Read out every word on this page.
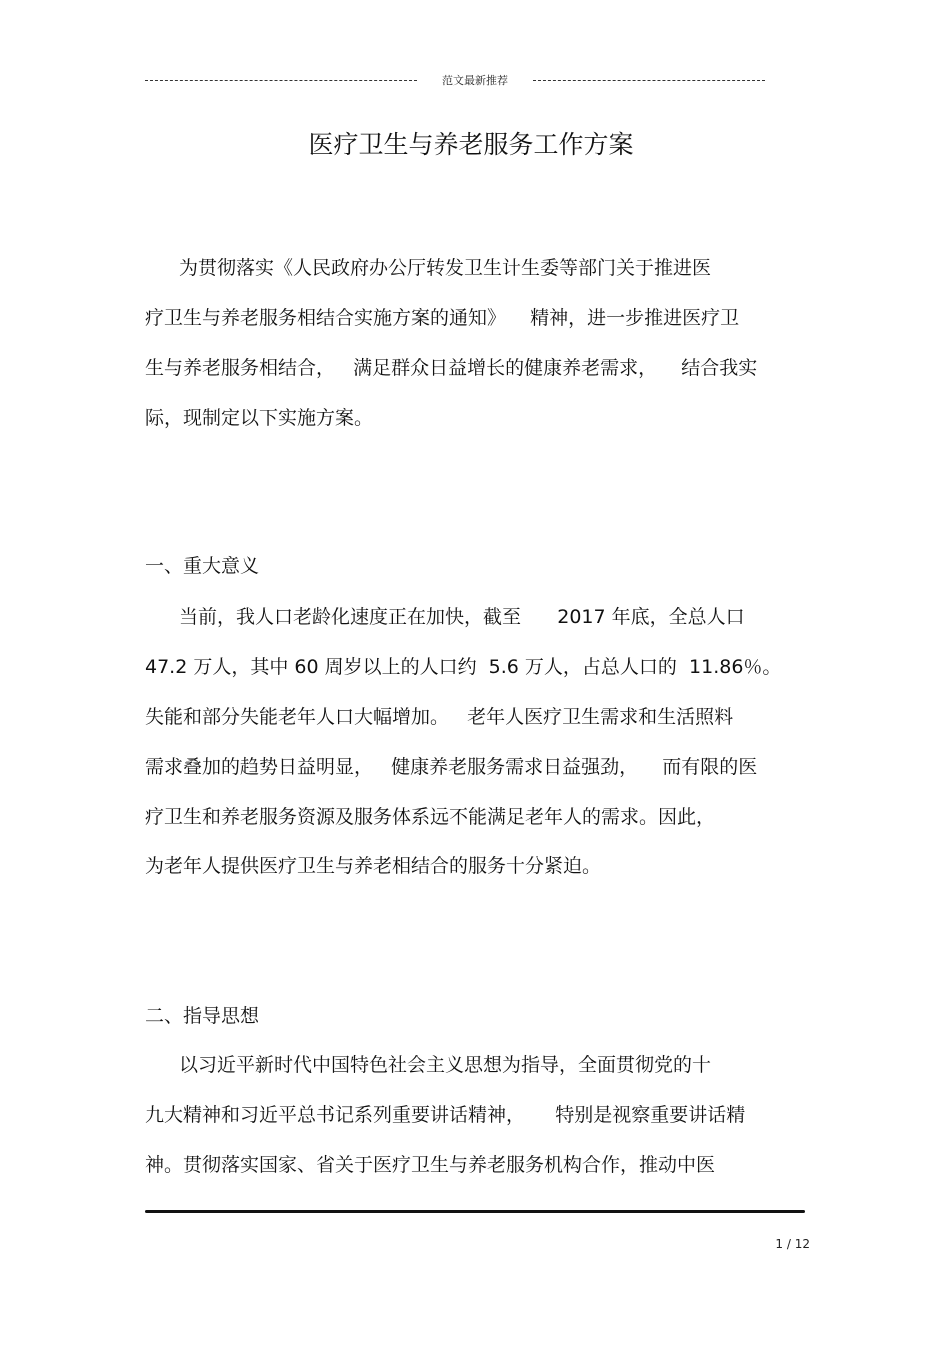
范文最新推荐
医疗卫生与养老服务工作方案
为贯彻落实《人民政府办公厅转发卫生计生委等部门关于推进医
疗卫生与养老服务相结合实施方案的通知》    精神，进一步推进医疗卫
生与养老服务相结合，   满足群众日益增长的健康养老需求，    结合我实
际，现制定以下实施方案。
一、重大意义
当前，我人口老龄化速度正在加快，截至      2017 年底，全总人口
47.2 万人，其中 60 周岁以上的人口约  5.6 万人，占总人口的  11.86％。
失能和部分失能老年人口大幅增加。   老年人医疗卫生需求和生活照料
需求叠加的趋势日益明显，   健康养老服务需求日益强劲，    而有限的医
疗卫生和养老服务资源及服务体系远不能满足老年人的需求。因此，
为老年人提供医疗卫生与养老相结合的服务十分紧迫。
二、指导思想
以习近平新时代中国特色社会主义思想为指导，全面贯彻党的十
九大精神和习近平总书记系列重要讲话精神，     特别是视察重要讲话精
神。贯彻落实国家、省关于医疗卫生与养老服务机构合作，推动中医
1 / 12
